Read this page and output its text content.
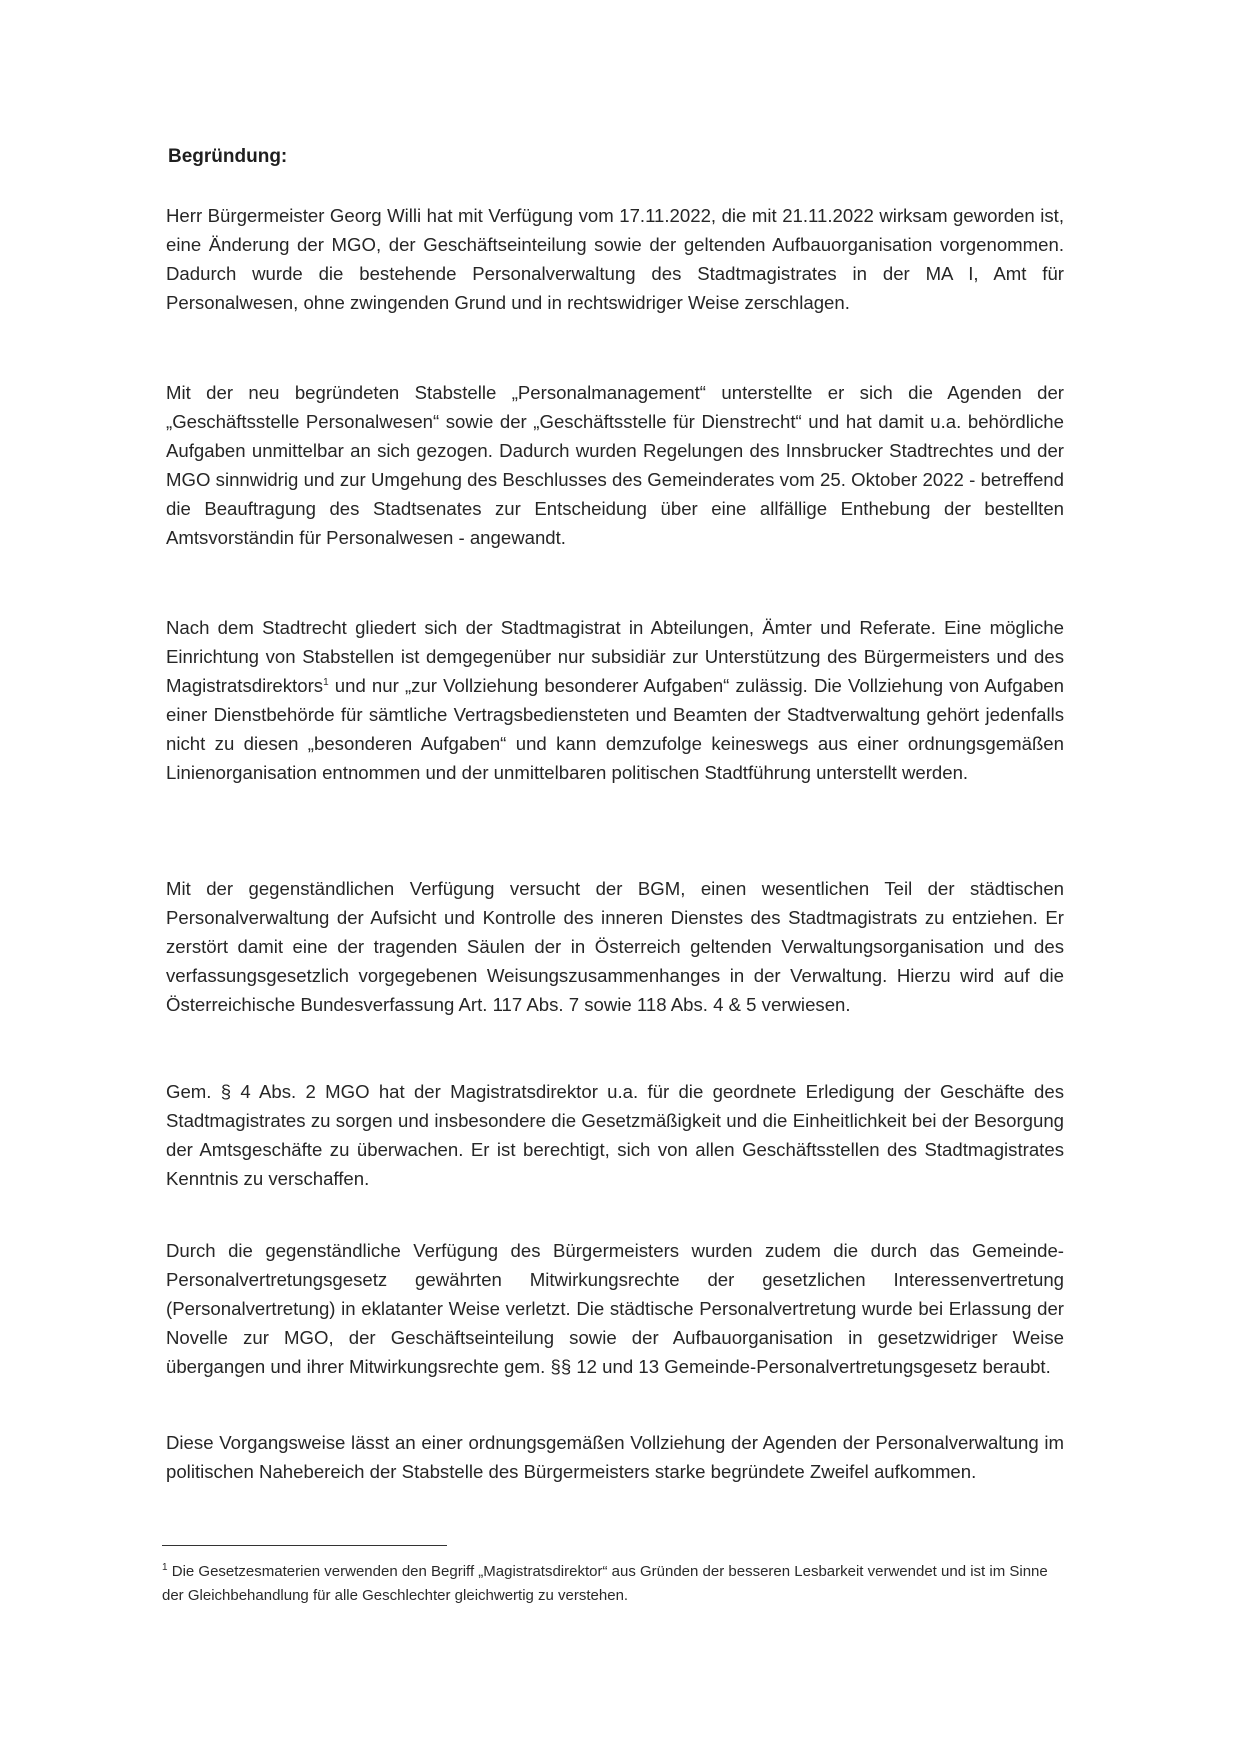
Begründung:
Herr Bürgermeister Georg Willi hat mit Verfügung vom 17.11.2022, die mit 21.11.2022 wirksam geworden ist, eine Änderung der MGO, der Geschäftseinteilung sowie der geltenden Aufbauorganisation vorgenommen. Dadurch wurde die bestehende Personalverwaltung des Stadtmagistrates in der MA I, Amt für Personalwesen, ohne zwingenden Grund und in rechtswidriger Weise zerschlagen.
Mit der neu begründeten Stabstelle „Personalmanagement“ unterstellte er sich die Agenden der „Geschäftsstelle Personalwesen“ sowie der „Geschäftsstelle für Dienstrecht“ und hat damit u.a. behördliche Aufgaben unmittelbar an sich gezogen. Dadurch wurden Regelungen des Innsbrucker Stadtrechtes und der MGO sinnwidrig und zur Umgehung des Beschlusses des Gemeinderates vom 25. Oktober 2022 - betreffend die Beauftragung des Stadtsenates zur Entscheidung über eine allfällige Enthebung der bestellten Amtsvorständin für Personalwesen - angewandt.
Nach dem Stadtrecht gliedert sich der Stadtmagistrat in Abteilungen, Ämter und Referate. Eine mögliche Einrichtung von Stabstellen ist demgegenüber nur subsidiär zur Unterstützung des Bürgermeisters und des Magistratsdirektors$^1$ und nur „zur Vollziehung besonderer Aufgaben“ zulässig. Die Vollziehung von Aufgaben einer Dienstbehörde für sämtliche Vertragsbediensteten und Beamten der Stadtverwaltung gehört jedenfalls nicht zu diesen „besonderen Aufgaben“ und kann demzufolge keineswegs aus einer ordnungsgemäßen Linienorganisation entnommen und der unmittelbaren politischen Stadtführung unterstellt werden.
Mit der gegenständlichen Verfügung versucht der BGM, einen wesentlichen Teil der städtischen Personalverwaltung der Aufsicht und Kontrolle des inneren Dienstes des Stadtmagistrats zu entziehen. Er zerstört damit eine der tragenden Säulen der in Österreich geltenden Verwaltungsorganisation und des verfassungsgesetzlich vorgegebenen Weisungszusammenhanges in der Verwaltung. Hierzu wird auf die Österreichische Bundesverfassung Art. 117 Abs. 7 sowie 118 Abs. 4 & 5 verwiesen.
Gem. § 4 Abs. 2 MGO hat der Magistratsdirektor u.a. für die geordnete Erledigung der Geschäfte des Stadtmagistrates zu sorgen und insbesondere die Gesetzmäßigkeit und die Einheitlichkeit bei der Besorgung der Amtsgeschäfte zu überwachen. Er ist berechtigt, sich von allen Geschäftsstellen des Stadtmagistrates Kenntnis zu verschaffen.
Durch die gegenständliche Verfügung des Bürgermeisters wurden zudem die durch das Gemeinde-Personalvertretungsgesetz gewährten Mitwirkungsrechte der gesetzlichen Interessenvertretung (Personalvertretung) in eklatanter Weise verletzt. Die städtische Personalvertretung wurde bei Erlassung der Novelle zur MGO, der Geschäftseinteilung sowie der Aufbauorganisation in gesetzwidriger Weise übergangen und ihrer Mitwirkungsrechte gem. §§ 12 und 13 Gemeinde-Personalvertretungsgesetz beraubt.
Diese Vorgangsweise lässt an einer ordnungsgemäßen Vollziehung der Agenden der Personalverwaltung im politischen Nahebereich der Stabstelle des Bürgermeisters starke begründete Zweifel aufkommen.
$^1$ Die Gesetzesmaterien verwenden den Begriff „Magistratsdirektor“ aus Gründen der besseren Lesbarkeit verwendet und ist im Sinne der Gleichbehandlung für alle Geschlechter gleichwertig zu verstehen.
